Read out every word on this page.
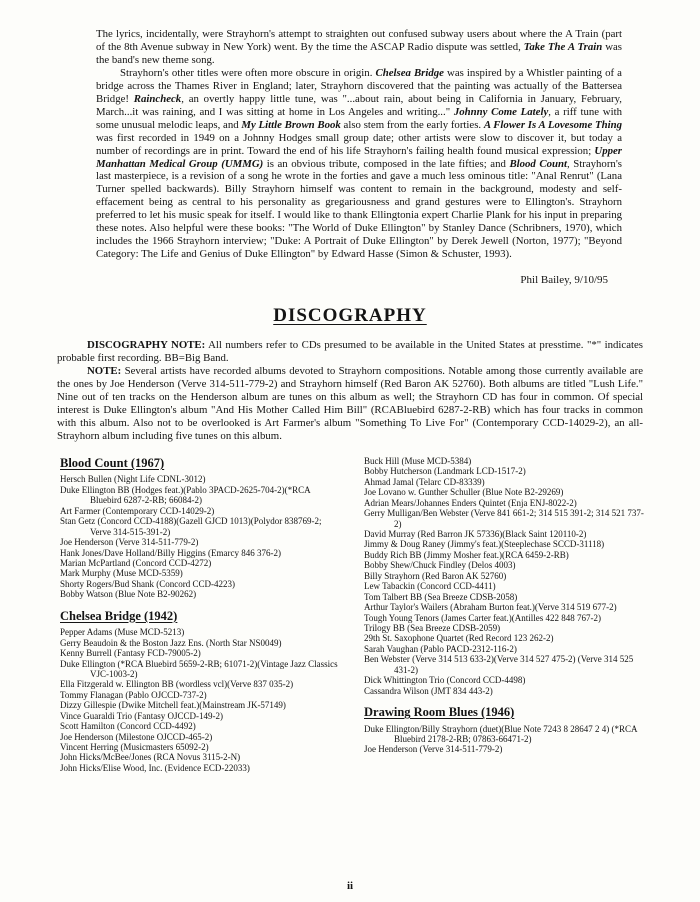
The lyrics, incidentally, were Strayhorn's attempt to straighten out confused subway users about where the A Train (part of the 8th Avenue subway in New York) went. By the time the ASCAP Radio dispute was settled, Take The A Train was the band's new theme song.

Strayhorn's other titles were often more obscure in origin. Chelsea Bridge was inspired by a Whistler painting of a bridge across the Thames River in England; later, Strayhorn discovered that the painting was actually of the Battersea Bridge! Raincheck, an overtly happy little tune, was "...about rain, about being in California in January, February, March...it was raining, and I was sitting at home in Los Angeles and writing..." Johnny Come Lately, a riff tune with some unusual melodic leaps, and My Little Brown Book also stem from the early forties. A Flower Is A Lovesome Thing was first recorded in 1949 on a Johnny Hodges small group date; other artists were slow to discover it, but today a number of recordings are in print. Toward the end of his life Strayhorn's failing health found musical expression; Upper Manhattan Medical Group (UMMG) is an obvious tribute, composed in the late fifties; and Blood Count, Strayhorn's last masterpiece, is a revision of a song he wrote in the forties and gave a much less ominous title: "Anal Renrut" (Lana Turner spelled backwards). Billy Strayhorn himself was content to remain in the background, modesty and self-effacement being as central to his personality as gregariousness and grand gestures were to Ellington's. Strayhorn preferred to let his music speak for itself. I would like to thank Ellingtonia expert Charlie Plank for his input in preparing these notes. Also helpful were these books: "The World of Duke Ellington" by Stanley Dance (Schribners, 1970), which includes the 1966 Strayhorn interview; "Duke: A Portrait of Duke Ellington" by Derek Jewell (Norton, 1977); "Beyond Category: The Life and Genius of Duke Ellington" by Edward Hasse (Simon & Schuster, 1993).

Phil Bailey, 9/10/95

DISCOGRAPHY

DISCOGRAPHY NOTE: All numbers refer to CDs presumed to be available in the United States at presstime. "*" indicates probable first recording. BB=Big Band.

NOTE: Several artists have recorded albums devoted to Strayhorn compositions. Notable among those currently available are the ones by Joe Henderson (Verve 314-511-779-2) and Strayhorn himself (Red Baron AK 52760). Both albums are titled "Lush Life." Nine out of ten tracks on the Henderson album are tunes on this album as well; the Strayhorn CD has four in common. Of special interest is Duke Ellington's album "And His Mother Called Him Bill" (RCABluebird 6287-2-RB) which has four tracks in common with this album. Also not to be overlooked is Art Farmer's album "Something To Live For" (Contemporary CCD-14029-2), an all-Strayhorn album including five tunes on this album.

Blood Count (1967)
Hersch Bullen (Night Life CDNL-3012)
Duke Ellington BB (Hodges feat.)(Pablo 3PACD-2625-704-2)(*RCA Bluebird 6287-2-RB; 66084-2)
Art Farmer (Contemporary CCD-14029-2)
Stan Getz (Concord CCD-4188)(Gazell GJCD 1013)(Polydor 838769-2; Verve 314-515-391-2)
Joe Henderson (Verve 314-511-779-2)
Hank Jones/Dave Holland/Billy Higgins (Emarcy 846 376-2)
Marian McPartland (Concord CCD-4272)
Mark Murphy (Muse MCD-5359)
Shorty Rogers/Bud Shank (Concord CCD-4223)
Bobby Watson (Blue Note B2-90262)
Chelsea Bridge (1942)
Pepper Adams (Muse MCD-5213)
Gerry Beaudoin & the Boston Jazz Ens. (North Star NS0049)
Kenny Burrell (Fantasy FCD-79005-2)
Duke Ellington (*RCA Bluebird 5659-2-RB; 61071-2)(Vintage Jazz Classics VJC-1003-2)
Ella Fitzgerald w. Ellington BB (wordless vcl)(Verve 837 035-2)
Tommy Flanagan (Pablo OJCCD-737-2)
Dizzy Gillespie (Dwike Mitchell feat.)(Mainstream JK-57149)
Vince Guaraldi Trio (Fantasy OJCCD-149-2)
Scott Hamilton (Concord CCD-4492)
Joe Henderson (Milestone OJCCD-465-2)
Vincent Herring (Musicmasters 65092-2)
John Hicks/McBee/Jones (RCA Novus 3115-2-N)
John Hicks/Elise Wood, Inc. (Evidence ECD-22033)
Buck Hill (Muse MCD-5384)
Bobby Hutcherson (Landmark LCD-1517-2)
Ahmad Jamal (Telarc CD-83339)
Joe Lovano w. Gunther Schuller (Blue Note B2-29269)
Adrian Mears/Johannes Enders Quintet (Enja ENJ-8022-2)
Gerry Mulligan/Ben Webster (Verve 841 661-2; 314 515 391-2; 314 521 737-2)
David Murray (Red Barron JK 57336)(Black Saint 120110-2)
Jimmy & Doug Raney (Jimmy's feat.)(Steeplechase SCCD-31118)
Buddy Rich BB (Jimmy Mosher feat.)(RCA 6459-2-RB)
Bobby Shew/Chuck Findley (Delos 4003)
Billy Strayhorn (Red Baron AK 52760)
Lew Tabackin (Concord CCD-4411)
Tom Talbert BB (Sea Breeze CDSB-2058)
Arthur Taylor's Wailers (Abraham Burton feat.)(Verve 314 519 677-2)
Tough Young Tenors (James Carter feat.)(Antilles 422 848 767-2)
Trilogy BB (Sea Breeze CDSB-2059)
29th St. Saxophone Quartet (Red Record 123 262-2)
Sarah Vaughan (Pablo PACD-2312-116-2)
Ben Webster (Verve 314 513 633-2)(Verve 314 527 475-2) (Verve 314 525 431-2)
Dick Whittington Trio (Concord CCD-4498)
Cassandra Wilson (JMT 834 443-2)
Drawing Room Blues (1946)
Duke Ellington/Billy Strayhorn (duet)(Blue Note 7243 8 28647 2 4) (*RCA Bluebird 2178-2-RB; 07863-66471-2)
Joe Henderson (Verve 314-511-779-2)
ii
